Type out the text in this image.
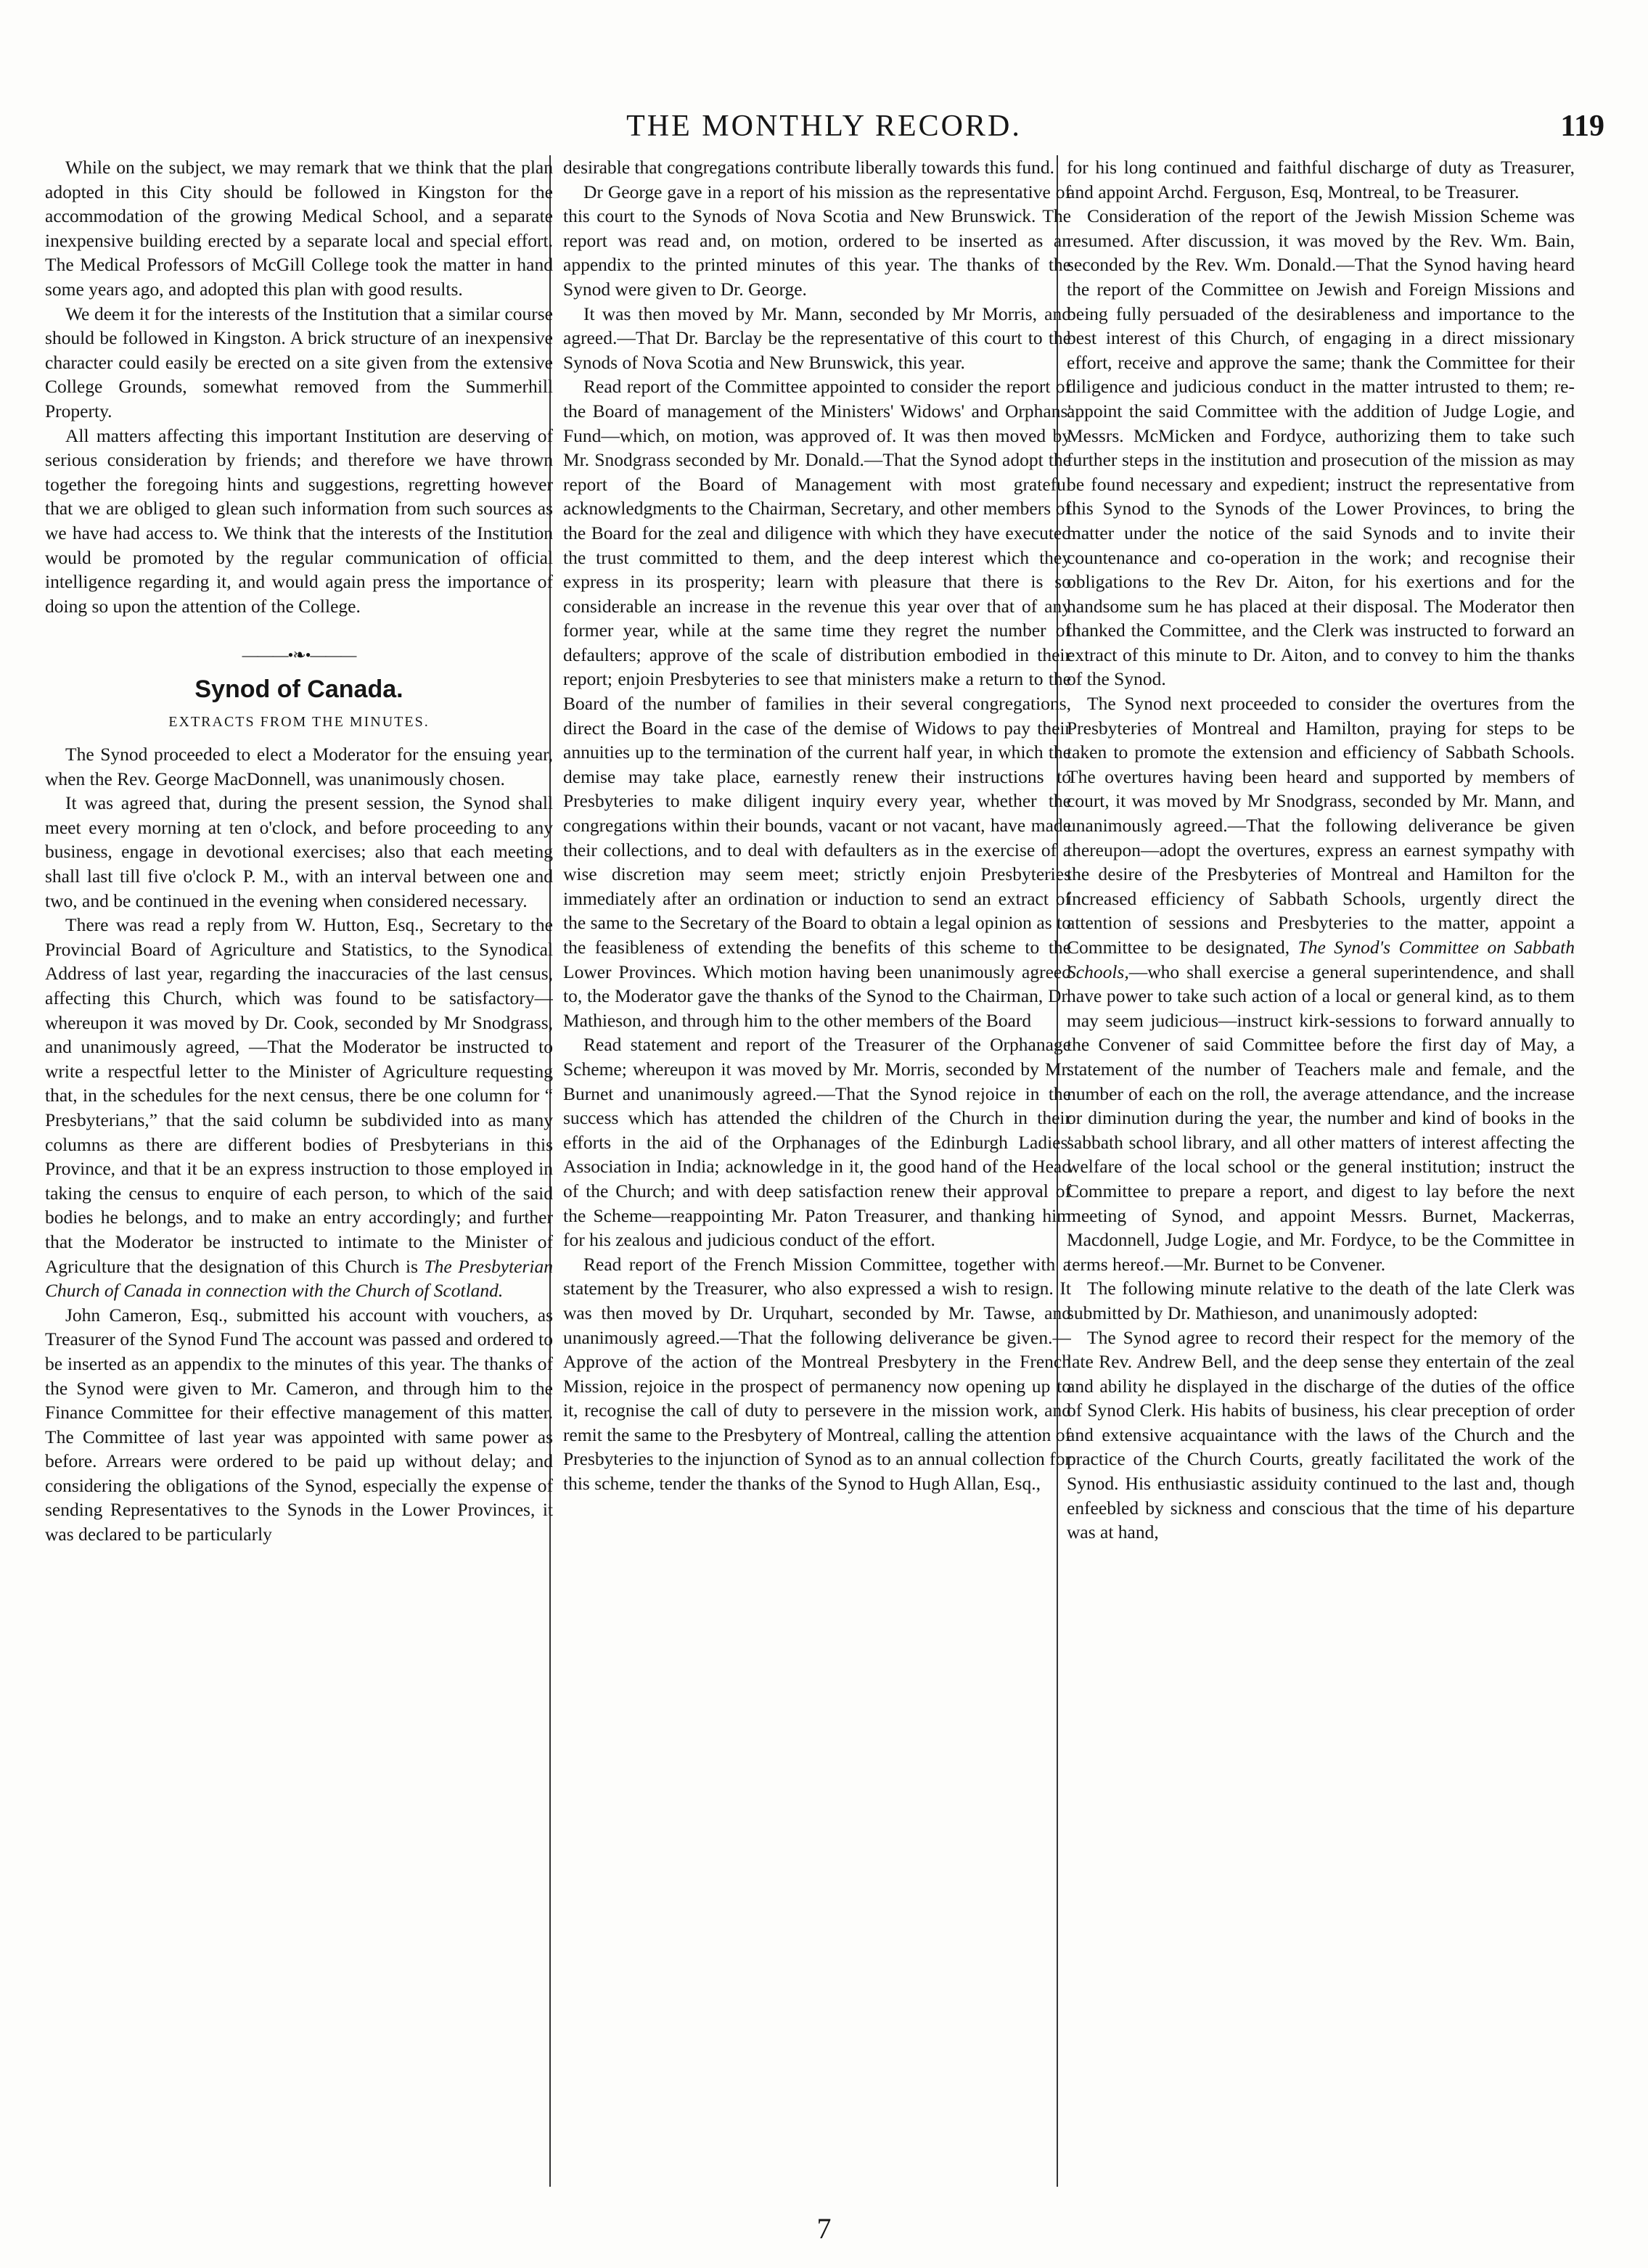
THE MONTHLY RECORD.	119

While on the subject, we may remark that we think that the plan adopted in this City should be followed in Kingston for the accommodation of the growing Medical School, and a separate inexpensive building erected by a separate local and special effort. The Medical Professors of McGill College took the matter in hand some years ago, and adopted this plan with good results.

We deem it for the interests of the Institution that a similar course should be followed in Kingston. A brick structure of an inexpensive character could easily be erected on a site given from the extensive College Grounds, somewhat removed from the Summerhill Property.

All matters affecting this important Institution are deserving of serious consideration by friends; and therefore we have thrown together the foregoing hints and suggestions, regretting however that we are obliged to glean such information from such sources as we have had access to. We think that the interests of the Institution would be promoted by the regular communication of official intelligence regarding it, and would again press the importance of doing so upon the attention of the College.

———•❧•———
Synod of Canada.
EXTRACTS FROM THE MINUTES.

The Synod proceeded to elect a Moderator for the ensuing year, when the Rev. George MacDonnell, was unanimously chosen.

It was agreed that, during the present session, the Synod shall meet every morning at ten o'clock, and before proceeding to any business, engage in devotional exercises; also that each meeting shall last till five o'clock P. M., with an interval between one and two, and be continued in the evening when considered necessary.

There was read a reply from W. Hutton, Esq., Secretary to the Provincial Board of Agriculture and Statistics, to the Synodical Address of last year, regarding the inaccuracies of the last census, affecting this Church, which was found to be satisfactory—whereupon it was moved by Dr. Cook, seconded by Mr Snodgrass, and unanimously agreed, —That the Moderator be instructed to write a respectful letter to the Minister of Agriculture requesting that, in the schedules for the next census, there be one column for “ Presbyterians,” that the said column be subdivided into as many columns as there are different bodies of Presbyterians in this Province, and that it be an express instruction to those employed in taking the census to enquire of each person, to which of the said bodies he belongs, and to make an entry accordingly; and further that the Moderator be instructed to intimate to the Minister of Agriculture that the designation of this Church is The Presbyterian Church of Canada in connection with the Church of Scotland.

John Cameron, Esq., submitted his account with vouchers, as Treasurer of the Synod Fund The account was passed and ordered to be inserted as an appendix to the minutes of this year. The thanks of the Synod were given to Mr. Cameron, and through him to the Finance Committee for their effective management of this matter. The Committee of last year was appointed with same power as before. Arrears were ordered to be paid up without delay; and considering the obligations of the Synod, especially the expense of sending Representatives to the Synods in the Lower Provinces, it was declared to be particularly

desirable that congregations contribute liberally towards this fund.

Dr George gave in a report of his mission as the representative of this court to the Synods of Nova Scotia and New Brunswick. The report was read and, on motion, ordered to be inserted as an appendix to the printed minutes of this year. The thanks of the Synod were given to Dr. George.

It was then moved by Mr. Mann, seconded by Mr Morris, and agreed.—That Dr. Barclay be the representative of this court to the Synods of Nova Scotia and New Brunswick, this year.

Read report of the Committee appointed to consider the report of the Board of management of the Ministers' Widows' and Orphans' Fund—which, on motion, was approved of. It was then moved by Mr. Snodgrass seconded by Mr. Donald.—That the Synod adopt the report of the Board of Management with most grateful acknowledgments to the Chairman, Secretary, and other members of the Board for the zeal and diligence with which they have executed the trust committed to them, and the deep interest which they express in its prosperity; learn with pleasure that there is so considerable an increase in the revenue this year over that of any former year, while at the same time they regret the number of defaulters; approve of the scale of distribution embodied in their report; enjoin Presbyteries to see that ministers make a return to the Board of the number of families in their several congregations, direct the Board in the case of the demise of Widows to pay their annuities up to the termination of the current half year, in which the demise may take place, earnestly renew their instructions to Presbyteries to make diligent inquiry every year, whether the congregations within their bounds, vacant or not vacant, have made their collections, and to deal with defaulters as in the exercise of a wise discretion may seem meet; strictly enjoin Presbyteries immediately after an ordination or induction to send an extract of the same to the Secretary of the Board to obtain a legal opinion as to the feasibleness of extending the benefits of this scheme to the Lower Provinces. Which motion having been unanimously agreed to, the Moderator gave the thanks of the Synod to the Chairman, Dr. Mathieson, and through him to the other members of the Board

Read statement and report of the Treasurer of the Orphanage Scheme; whereupon it was moved by Mr. Morris, seconded by Mr. Burnet and unanimously agreed.—That the Synod rejoice in the success which has attended the children of the Church in their efforts in the aid of the Orphanages of the Edinburgh Ladies' Association in India; acknowledge in it, the good hand of the Head of the Church; and with deep satisfaction renew their approval of the Scheme—reappointing Mr. Paton Treasurer, and thanking him for his zealous and judicious conduct of the effort.

Read report of the French Mission Committee, together with a statement by the Treasurer, who also expressed a wish to resign. It was then moved by Dr. Urquhart, seconded by Mr. Tawse, and unanimously agreed.—That the following deliverance be given.—Approve of the action of the Montreal Presbytery in the French Mission, rejoice in the prospect of permanency now opening up to it, recognise the call of duty to persevere in the mission work, and remit the same to the Presbytery of Montreal, calling the attention of Presbyteries to the injunction of Synod as to an annual collection for this scheme, tender the thanks of the Synod to Hugh Allan, Esq.,

for his long continued and faithful discharge of duty as Treasurer, and appoint Archd. Ferguson, Esq, Montreal, to be Treasurer.

Consideration of the report of the Jewish Mission Scheme was resumed. After discussion, it was moved by the Rev. Wm. Bain, seconded by the Rev. Wm. Donald.—That the Synod having heard the report of the Committee on Jewish and Foreign Missions and being fully persuaded of the desirableness and importance to the best interest of this Church, of engaging in a direct missionary effort, receive and approve the same; thank the Committee for their diligence and judicious conduct in the matter intrusted to them; re-appoint the said Committee with the addition of Judge Logie, and Messrs. McMicken and Fordyce, authorizing them to take such further steps in the institution and prosecution of the mission as may be found necessary and expedient; instruct the representative from this Synod to the Synods of the Lower Provinces, to bring the matter under the notice of the said Synods and to invite their countenance and co-operation in the work; and recognise their obligations to the Rev Dr. Aiton, for his exertions and for the handsome sum he has placed at their disposal. The Moderator then thanked the Committee, and the Clerk was instructed to forward an extract of this minute to Dr. Aiton, and to convey to him the thanks of the Synod.

The Synod next proceeded to consider the overtures from the Presbyteries of Montreal and Hamilton, praying for steps to be taken to promote the extension and efficiency of Sabbath Schools. The overtures having been heard and supported by members of court, it was moved by Mr Snodgrass, seconded by Mr. Mann, and unanimously agreed.—That the following deliverance be given thereupon—adopt the overtures, express an earnest sympathy with the desire of the Presbyteries of Montreal and Hamilton for the increased efficiency of Sabbath Schools, urgently direct the attention of sessions and Presbyteries to the matter, appoint a Committee to be designated, The Synod's Committee on Sabbath Schools,—who shall exercise a general superintendence, and shall have power to take such action of a local or general kind, as to them may seem judicious—instruct kirk-sessions to forward annually to the Convener of said Committee before the first day of May, a statement of the number of Teachers male and female, and the number of each on the roll, the average attendance, and the increase or diminution during the year, the number and kind of books in the sabbath school library, and all other matters of interest affecting the welfare of the local school or the general institution; instruct the Committee to prepare a report, and digest to lay before the next meeting of Synod, and appoint Messrs. Burnet, Mackerras, Macdonnell, Judge Logie, and Mr. Fordyce, to be the Committee in terms hereof.—Mr. Burnet to be Convener.

The following minute relative to the death of the late Clerk was submitted by Dr. Mathieson, and unanimously adopted:

The Synod agree to record their respect for the memory of the late Rev. Andrew Bell, and the deep sense they entertain of the zeal and ability he displayed in the discharge of the duties of the office of Synod Clerk. His habits of business, his clear preception of order and extensive acquaintance with the laws of the Church and the practice of the Church Courts, greatly facilitated the work of the Synod. His enthusiastic assiduity continued to the last and, though enfeebled by sickness and conscious that the time of his departure was at hand,

7
